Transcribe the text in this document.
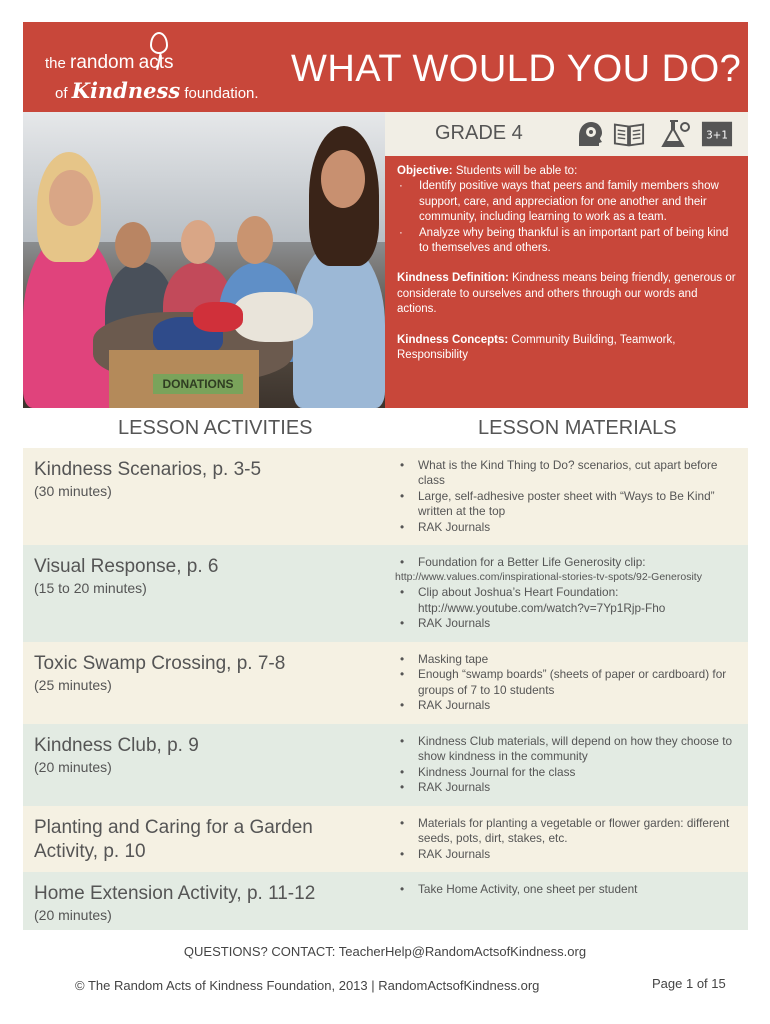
the random acts
of Kindness foundation.
WHAT WOULD YOU DO?
DONATIONS
GRADE 4	3+1

Objective: Students will be able to:

· Identify positive ways that peers and family members show support, care, and appreciation for one another and their community, including learning to work as a team.
· Analyze why being thankful is an important part of being kind to themselves and others.

Kindness Definition: Kindness means being friendly, generous or considerate to ourselves and others through our words and actions.

Kindness Concepts: Community Building, Teamwork, Responsibility

LESSON ACTIVITIES	LESSON MATERIALS
Kindness Scenarios, p. 3-5
(30 minutes)
• What is the Kind Thing to Do? scenarios, cut apart before class
• Large, self-adhesive poster sheet with “Ways to Be Kind” written at the top
• RAK Journals
Visual Response, p. 6
(15 to 20 minutes)
• Foundation for a Better Life Generosity clip:
http://www.values.com/inspirational-stories-tv-spots/92-Generosity
• Clip about Joshua’s Heart Foundation: http://www.youtube.com/watch?v=7Yp1Rjp-Fho
• RAK Journals
Toxic Swamp Crossing, p. 7-8
(25 minutes)
• Masking tape
• Enough “swamp boards” (sheets of paper or cardboard) for groups of 7 to 10 students
• RAK Journals
Kindness Club, p. 9
(20 minutes)
• Kindness Club materials, will depend on how they choose to show kindness in the community
• Kindness Journal for the class
• RAK Journals
Planting and Caring for a Garden Activity, p. 10
• Materials for planting a vegetable or flower garden: different seeds, pots, dirt, stakes, etc.
• RAK Journals
Home Extension Activity, p. 11-12
(20 minutes)
• Take Home Activity, one sheet per student
QUESTIONS? CONTACT: TeacherHelp@RandomActsofKindness.org
© The Random Acts of Kindness Foundation, 2013 | RandomActsofKindness.org	Page 1 of 15
